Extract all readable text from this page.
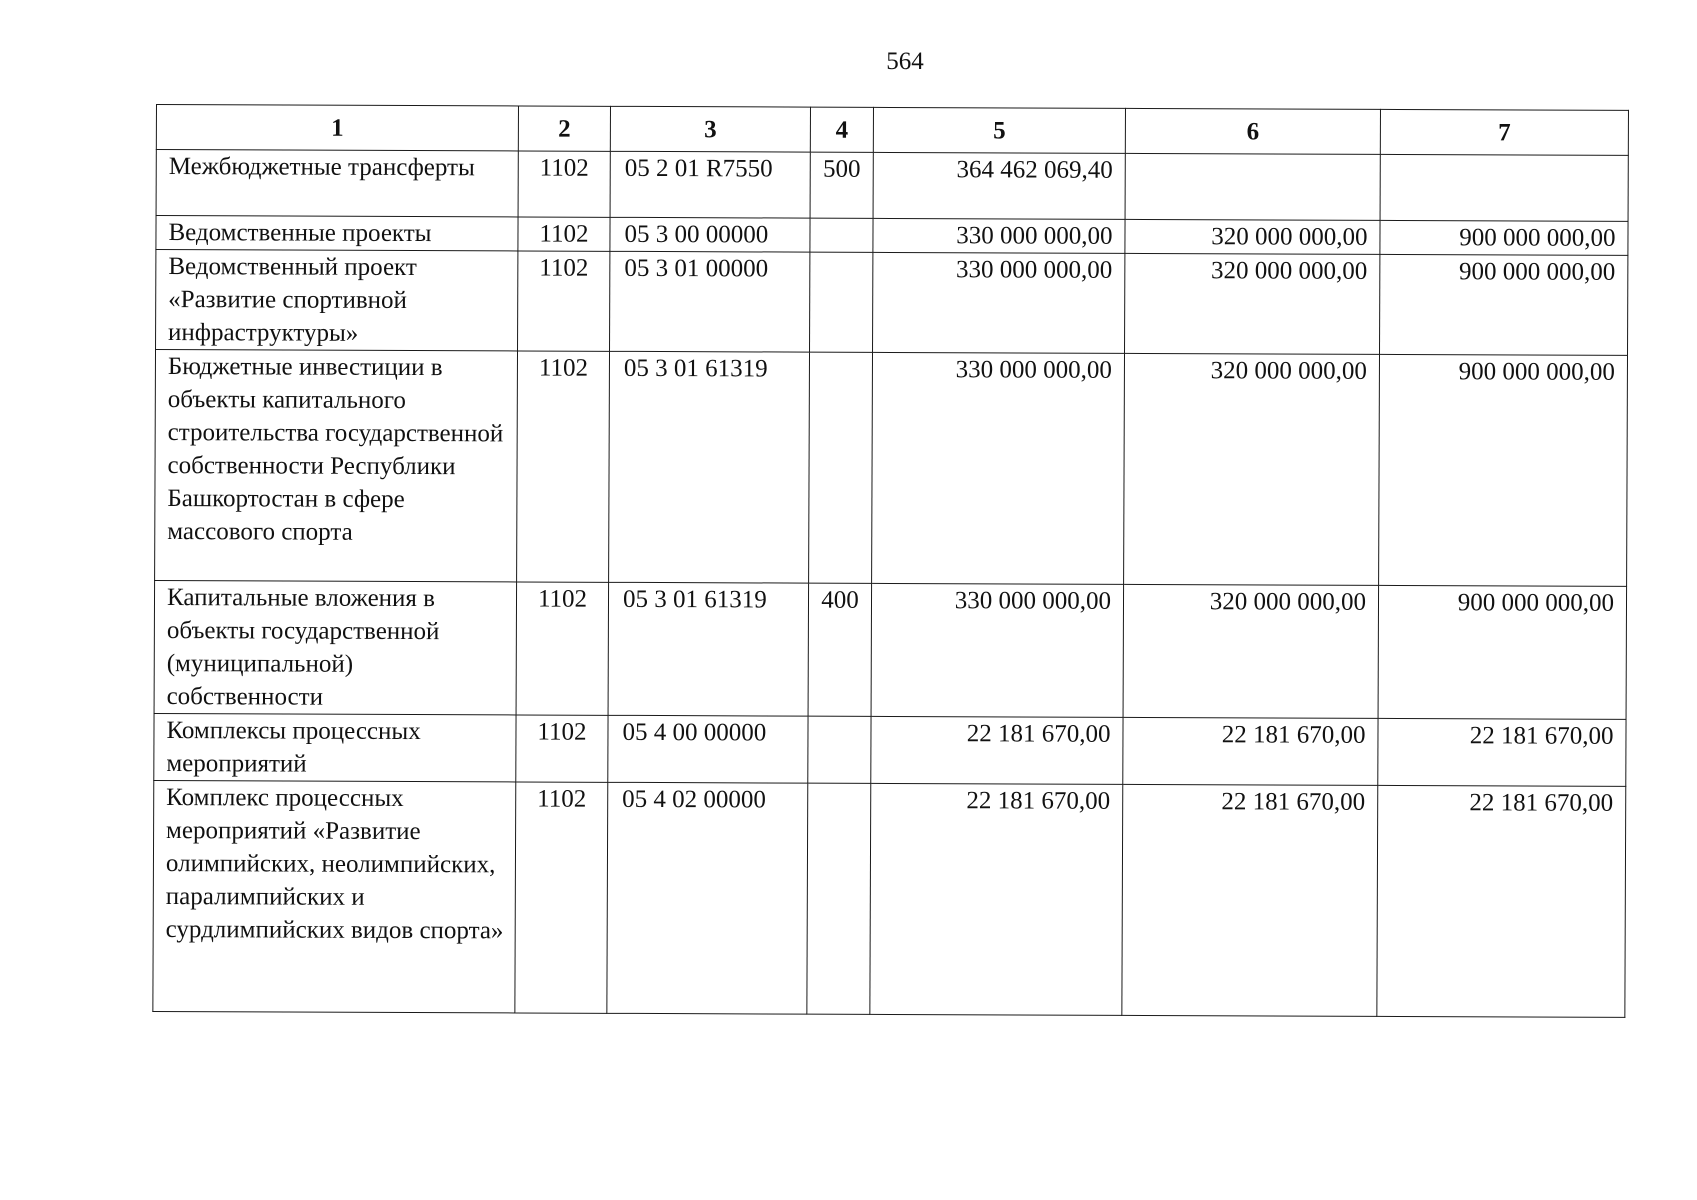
564
1	2	3	4	5	6	7
Межбюджетные трансферты	1102	05 2 01 R7550	500	364 462 069,40		
Ведомственные проекты	1102	05 3 00 00000		330 000 000,00	320 000 000,00	900 000 000,00
Ведомственный проект «Развитие спортивной инфраструктуры»	1102	05 3 01 00000		330 000 000,00	320 000 000,00	900 000 000,00
Бюджетные инвестиции в объекты капитального строительства государственной собственности Республики Башкортостан в сфере массового спорта	1102	05 3 01 61319		330 000 000,00	320 000 000,00	900 000 000,00
Капитальные вложения в объекты государственной (муниципальной) собственности	1102	05 3 01 61319	400	330 000 000,00	320 000 000,00	900 000 000,00
Комплексы процессных мероприятий	1102	05 4 00 00000		22 181 670,00	22 181 670,00	22 181 670,00
Комплекс процессных мероприятий «Развитие олимпийских, неолимпийских, паралимпийских и сурдлимпийских видов спорта»	1102	05 4 02 00000		22 181 670,00	22 181 670,00	22 181 670,00
